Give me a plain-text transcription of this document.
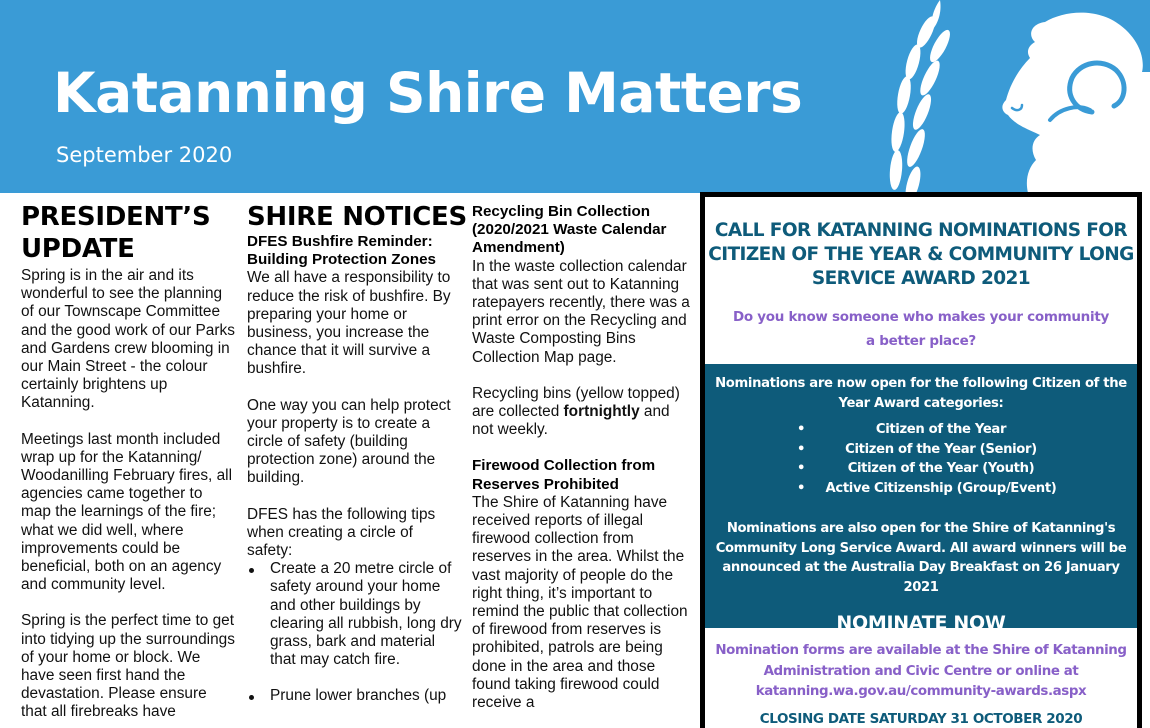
Katanning Shire Matters
September 2020
PRESIDENT’S
UPDATE

Spring is in the air and its wonderful to see the planning of our Townscape Committee and the good work of our Parks and Gardens crew blooming in our Main Street - the colour certainly brightens up Katanning.

Meetings last month included wrap up for the Katanning/ Woodanilling February fires, all agencies came together to map the learnings of the fire; what we did well, where improvements could be beneficial, both on an agency and community level.

Spring is the perfect time to get into tidying up the surroundings of your home or block. We have seen first hand the devastation. Please ensure that all firebreaks have

SHIRE NOTICES
DFES Bushfire Reminder: Building Protection Zones

We all have a responsibility to reduce the risk of bushfire. By preparing your home or business, you increase the chance that it will survive a bushfire.

One way you can help protect your property is to create a circle of safety (building protection zone) around the building.

DFES has the following tips when creating a circle of safety:

Create a 20 metre circle of safety around your home and other buildings by clearing all rubbish, long dry grass, bark and material that may catch fire.
Prune lower branches (up
Recycling Bin Collection (2020/2021 Waste Calendar Amendment)

In the waste collection calendar that was sent out to Katanning ratepayers recently, there was a print error on the Recycling and Waste Composting Bins Collection Map page.

Recycling bins (yellow topped) are collected fortnightly and not weekly.

Firewood Collection from Reserves Prohibited

The Shire of Katanning have received reports of illegal firewood collection from reserves in the area. Whilst the vast majority of people do the right thing, it’s important to remind the public that collection of firewood from reserves is prohibited, patrols are being done in the area and those found taking firewood could receive a

CALL FOR KATANNING NOMINATIONS FOR CITIZEN OF THE YEAR & COMMUNITY LONG SERVICE AWARD 2021

Do you know someone who makes your community a better place?

Nominations are now open for the following Citizen of the Year Award categories:

•	Citizen of the Year
•	Citizen of the Year (Senior)
•	Citizen of the Year (Youth)
• Active Citizenship (Group/Event)

Nominations are also open for the Shire of Katanning's Community Long Service Award. All award winners will be announced at the Australia Day Breakfast on 26 January 2021

NOMINATE NOW

Nomination forms are available at the Shire of Katanning Administration and Civic Centre or online at katanning.wa.gov.au/community-awards.aspx

CLOSING DATE SATURDAY 31 OCTOBER 2020
